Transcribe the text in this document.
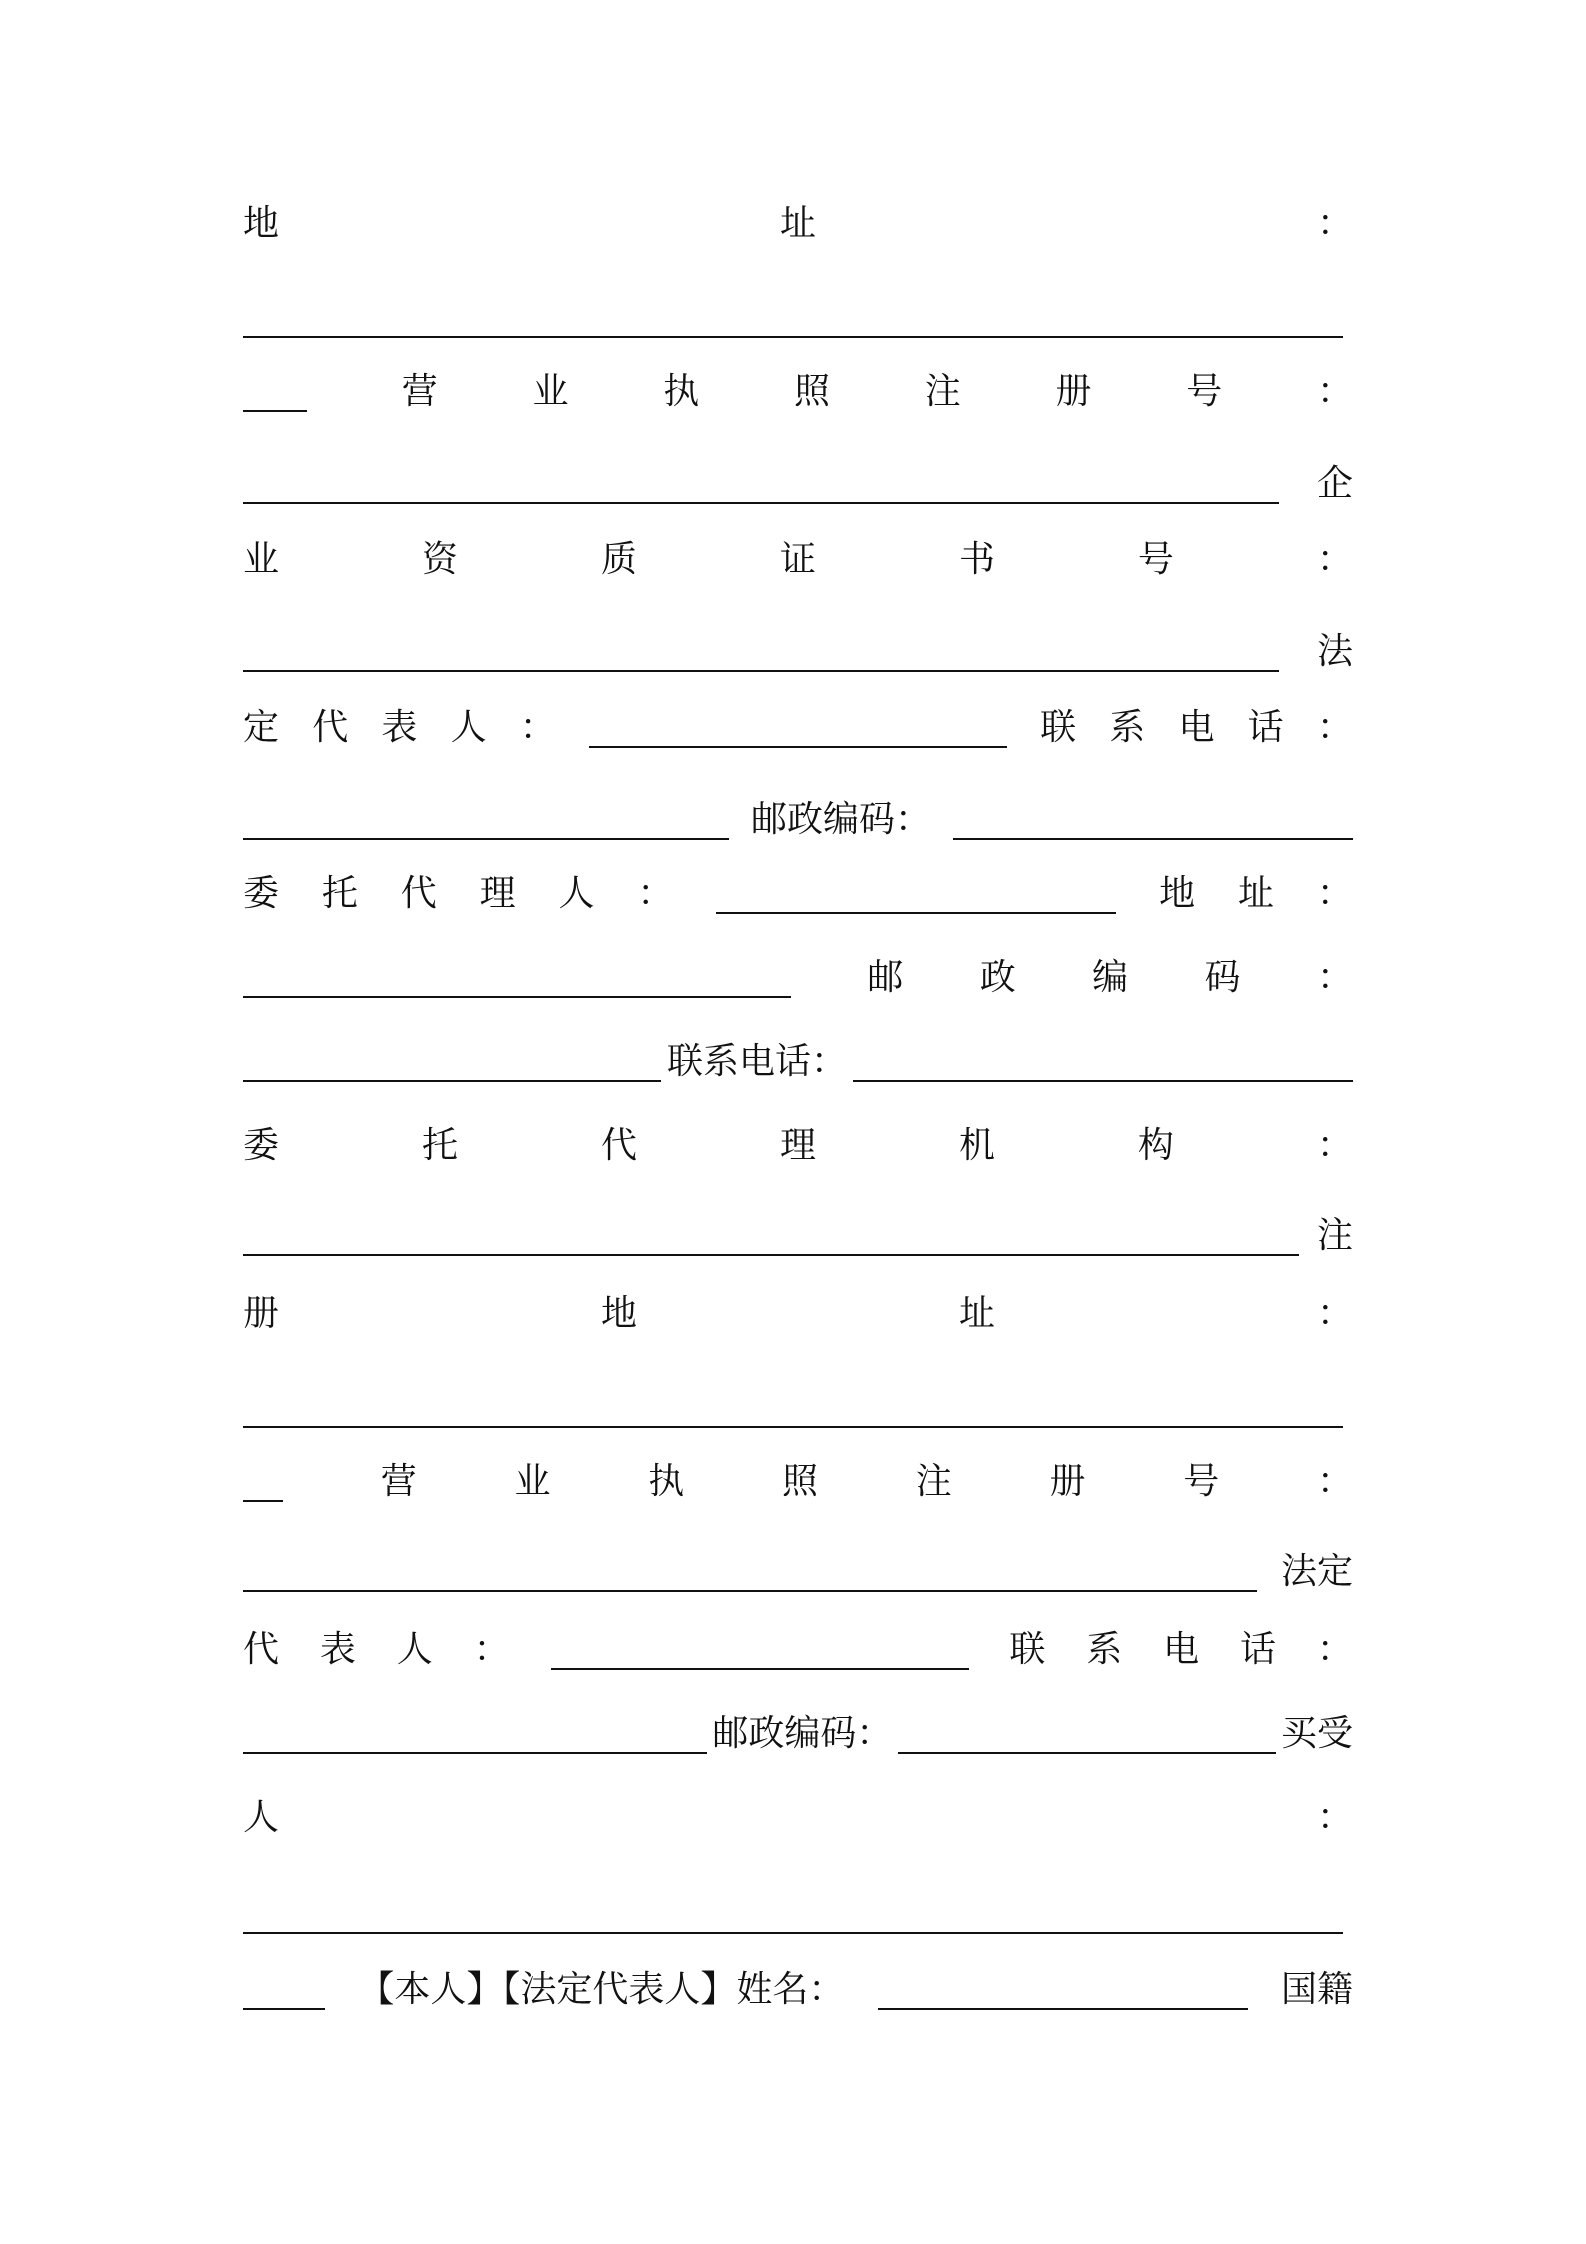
地	址	：
营	业	执	照	注	册	号	：
企
业	资	质	证	书	号	：
法
定 代 表 人 ：	联 系 电 话 ：
邮政编码：
委 托 代 理 人 ：	地 址 ：
邮 政 编 码 ：
联系电话：
委	托	代	理	机	构	：
注
册	地	址	：
营	业	执	照	注	册	号	：
法定
代 表 人 ：	联 系 电 话 ：
邮政编码：	买受
人	：
【本人】【法定代表人】姓名：	国籍
